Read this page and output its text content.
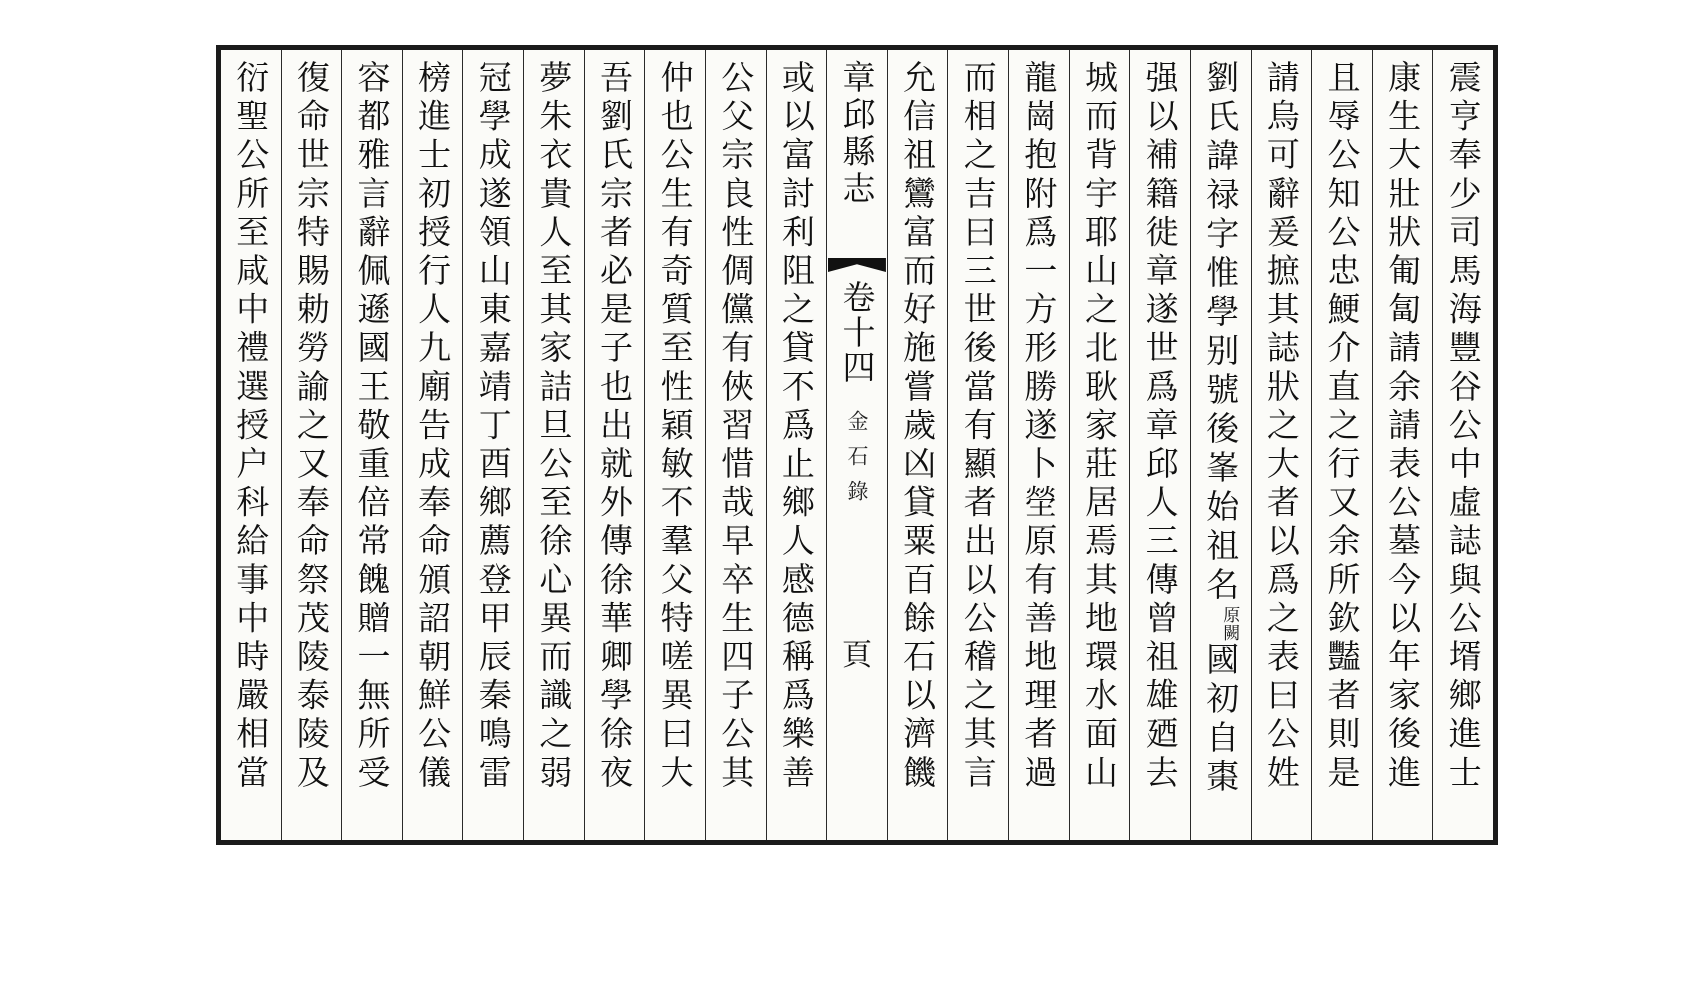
震亨奉少司馬海豐谷公中虛誌與公壻鄉進士
康生大壯狀匍匐請余請表公墓今以年家後進
且辱公知公忠鯁介直之行又余所欽豔者則是
請烏可辭爰摭其誌狀之大者以爲之表曰公姓
劉氏諱禄字惟學别號後峯始祖名原闕國初自棗
强以補籍徙章遂世爲章邱人三傳曾祖雄廼去
城而背宇耶山之北耿家莊居焉其地環水面山
龍崗抱附爲一方形勝遂卜塋原有善地理者過
而相之吉曰三世後當有顯者出以公稽之其言
允信祖鸞富而好施嘗歲凶貸粟百餘石以濟饑
章邱縣志
卷十四
金石錄
頁
或以富討利阻之貸不爲止鄉人感德稱爲樂善
公父宗良性倜儻有俠習惜哉早卒生四子公其
仲也公生有奇質至性穎敏不羣父特嗟異曰大
吾劉氏宗者必是子也出就外傳徐華卿學徐夜
夢朱衣貴人至其家詰旦公至徐心異而識之弱
冠學成遂領山東嘉靖丁酉鄉薦登甲辰秦鳴雷
榜進士初授行人九廟告成奉命頒詔朝鮮公儀
容都雅言辭佩遜國王敬重倍常餽贈一無所受
復命世宗特賜勅勞諭之又奉命祭茂陵泰陵及
衍聖公所至咸中禮選授户科給事中時嚴相當
